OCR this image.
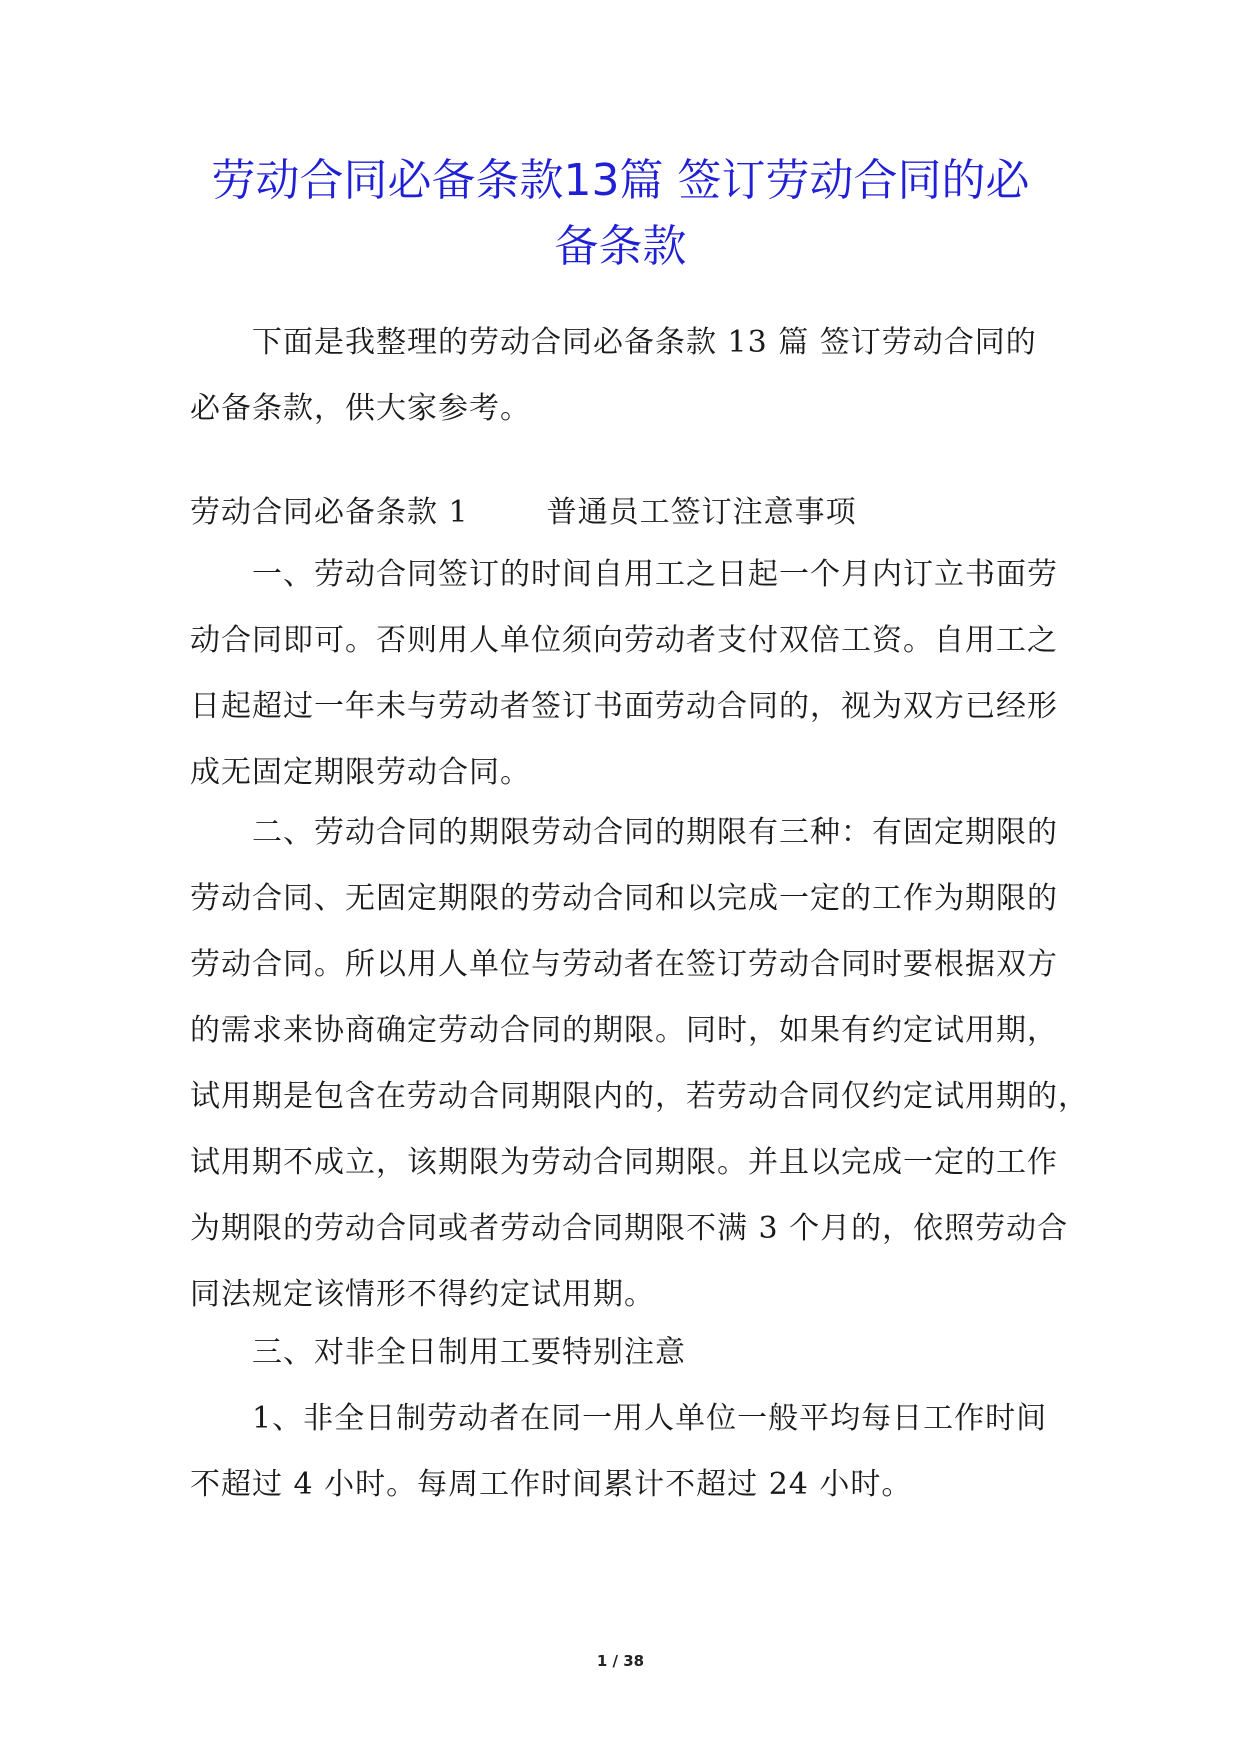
劳动合同必备条款13篇 签订劳动合同的必
备条款

下面是我整理的劳动合同必备条款 13 篇 签订劳动合同的
必备条款，供大家参考。

劳动合同必备条款 1	普通员工签订注意事项

一、劳动合同签订的时间自用工之日起一个月内订立书面劳
动合同即可。否则用人单位须向劳动者支付双倍工资。自用工之
日起超过一年未与劳动者签订书面劳动合同的，视为双方已经形
成无固定期限劳动合同。

二、劳动合同的期限劳动合同的期限有三种：有固定期限的
劳动合同、无固定期限的劳动合同和以完成一定的工作为期限的
劳动合同。所以用人单位与劳动者在签订劳动合同时要根据双方
的需求来协商确定劳动合同的期限。同时，如果有约定试用期，
试用期是包含在劳动合同期限内的，若劳动合同仅约定试用期的，
试用期不成立，该期限为劳动合同期限。并且以完成一定的工作
为期限的劳动合同或者劳动合同期限不满 3 个月的，依照劳动合
同法规定该情形不得约定试用期。

三、对非全日制用工要特别注意

1、非全日制劳动者在同一用人单位一般平均每日工作时间
不超过 4 小时。每周工作时间累计不超过 24 小时。

1 / 38
